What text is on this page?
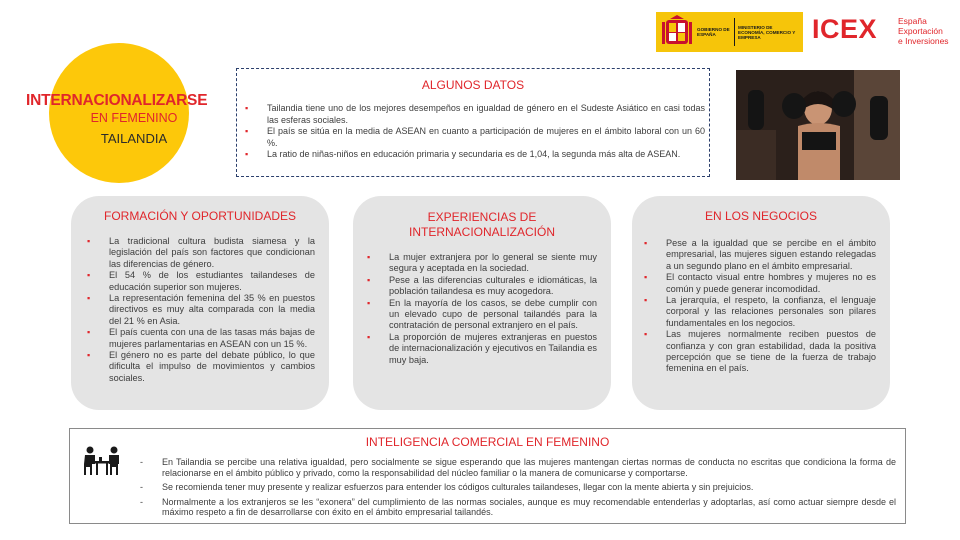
INTERNACIONALIZARSE
EN FEMENINO
TAILANDIA
GOBIERNO DE ESPAÑA
MINISTERIO DE ECONOMÍA, COMERCIO Y EMPRESA	ICEX España
Exportación
e Inversiones
ALGUNOS DATOS
▪ Tailandia tiene uno de los mejores desempeños en igualdad de género en el Sudeste Asiático en casi todas las esferas sociales.
▪ El país se sitúa en la media de ASEAN en cuanto a participación de mujeres en el ámbito laboral con un 60 %.
▪ La ratio de niñas-niños en educación primaria y secundaria es de 1,04, la segunda más alta de ASEAN.
FORMACIÓN Y OPORTUNIDADES
▪ La tradicional cultura budista siamesa y la legislación del país son factores que condicionan las diferencias de género.
▪ El 54 % de los estudiantes tailandeses de educación superior son mujeres.
▪ La representación femenina del 35 % en puestos directivos es muy alta comparada con la media del 21 % en Asia.
▪ El país cuenta con una de las tasas más bajas de mujeres parlamentarias en ASEAN con un 15 %.
▪ El género no es parte del debate público, lo que dificulta el impulso de movimientos y cambios sociales.
EXPERIENCIAS DE
INTERNACIONALIZACIÓN
▪ La mujer extranjera por lo general se siente muy segura y aceptada en la sociedad.
▪ Pese a las diferencias culturales e idiomáticas, la población tailandesa es muy acogedora.
▪ En la mayoría de los casos, se debe cumplir con un elevado cupo de personal tailandés para la contratación de personal extranjero en el país.
▪ La proporción de mujeres extranjeras en puestos de internacionalización y ejecutivos en Tailandia es muy baja.
EN LOS NEGOCIOS
▪ Pese a la igualdad que se percibe en el ámbito empresarial, las mujeres siguen estando relegadas a un segundo plano en el ámbito empresarial.
▪ El contacto visual entre hombres y mujeres no es común y puede generar incomodidad.
▪ La jerarquía, el respeto, la confianza, el lenguaje corporal y las relaciones personales son pilares fundamentales en los negocios.
▪ Las mujeres normalmente reciben puestos de confianza y con gran estabilidad, dada la positiva percepción que se tiene de la fuerza de trabajo femenina en el país.
INTELIGENCIA COMERCIAL EN FEMENINO
- En Tailandia se percibe una relativa igualdad, pero socialmente se sigue esperando que las mujeres mantengan ciertas normas de conducta no escritas que condiciona la forma de relacionarse en el ámbito público y privado, como la responsabilidad del núcleo familiar o la manera de comunicarse y comportarse.
- Se recomienda tener muy presente y realizar esfuerzos para entender los códigos culturales tailandeses, llegar con la mente abierta y sin prejuicios.
- Normalmente a los extranjeros se les “exonera” del cumplimiento de las normas sociales, aunque es muy recomendable entenderlas y adoptarlas, así como actuar siempre desde el máximo respeto a fin de desarrollarse con éxito en el ámbito empresarial tailandés.
